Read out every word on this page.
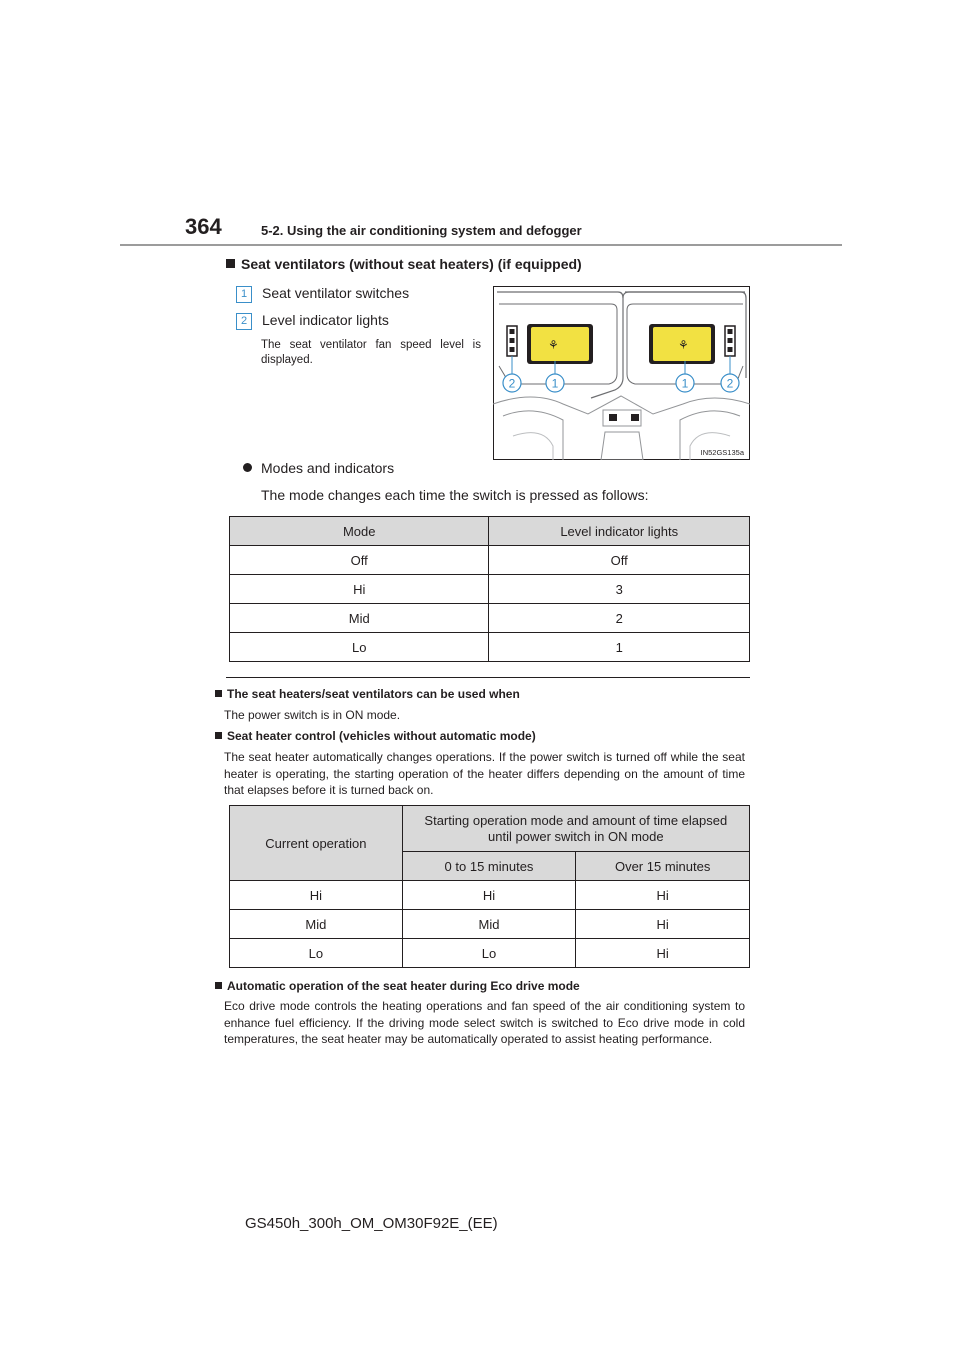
364	5-2. Using the air conditioning system and defogger
Seat ventilators (without seat heaters) (if equipped)
1 Seat ventilator switches
2 Level indicator lights
The seat ventilator fan speed level is displayed.
⚘	⚘
2	1	1	2
IN52GS135a
Modes and indicators
The mode changes each time the switch is pressed as follows:
Mode	Level indicator lights
Off	Off
Hi	3
Mid	2
Lo	1
The seat heaters/seat ventilators can be used when
The power switch is in ON mode.
Seat heater control (vehicles without automatic mode)
The seat heater automatically changes operations. If the power switch is turned off while the seat heater is operating, the starting operation of the heater differs depending on the amount of time that elapses before it is turned back on.
Current operation	Starting operation mode and amount of time elapsed until power switch in ON mode	
	0 to 15 minutes	Over 15 minutes
Hi	Hi	Hi
Mid	Mid	Hi
Lo	Lo	Hi
Automatic operation of the seat heater during Eco drive mode
Eco drive mode controls the heating operations and fan speed of the air conditioning system to enhance fuel efficiency. If the driving mode select switch is switched to Eco drive mode in cold temperatures, the seat heater may be automatically operated to assist heating performance.
GS450h_300h_OM_OM30F92E_(EE)
